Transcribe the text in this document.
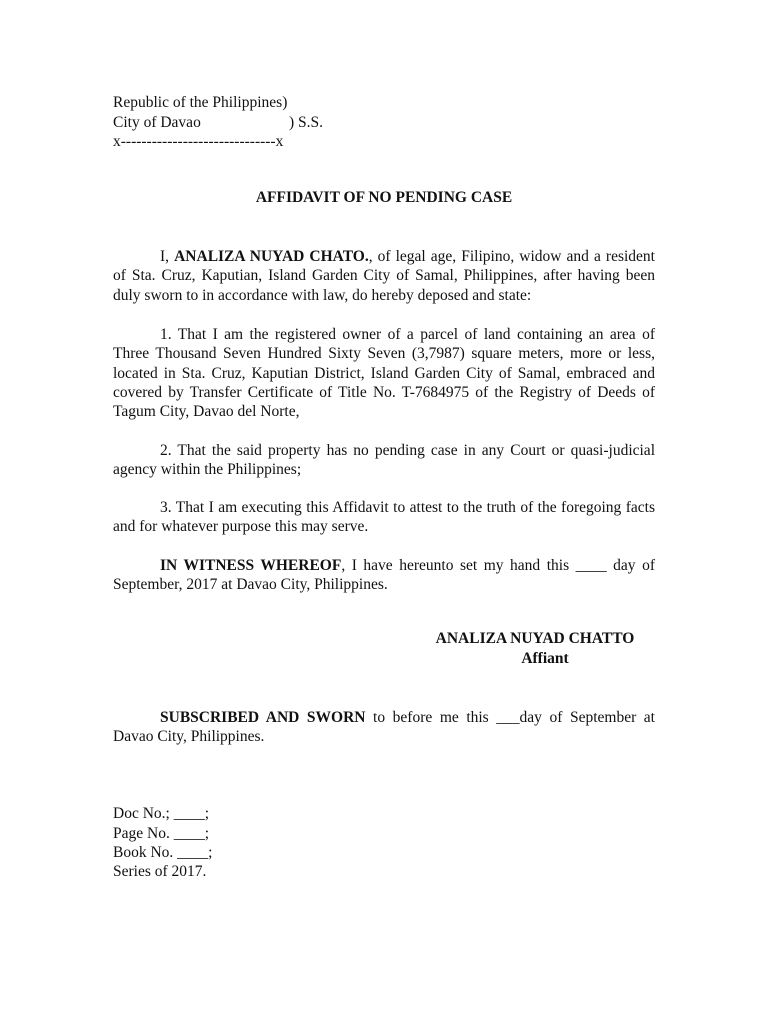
Republic of the Philippines)
City of Davao	) S.S.
x------------------------------x
AFFIDAVIT OF NO PENDING CASE
I, ANALIZA NUYAD CHATO., of legal age, Filipino, widow and a resident of Sta. Cruz, Kaputian, Island Garden City of Samal, Philippines, after having been duly sworn to in accordance with law, do hereby deposed and state:
1. That I am the registered owner of a parcel of land containing an area of Three Thousand Seven Hundred Sixty Seven (3,7987) square meters, more or less, located in Sta. Cruz, Kaputian District, Island Garden City of Samal, embraced and covered by Transfer Certificate of Title No. T-7684975 of the Registry of Deeds of Tagum City, Davao del Norte,
2. That the said property has no pending case in any Court or quasi-judicial agency within the Philippines;
3. That I am executing this Affidavit to attest to the truth of the foregoing facts and for whatever purpose this may serve.
IN WITNESS WHEREOF, I have hereunto set my hand this ____ day of September, 2017 at Davao City, Philippines.
ANALIZA NUYAD CHATTO
Affiant
SUBSCRIBED AND SWORN to before me this ___day of September at Davao City, Philippines.
Doc No.; ____;
Page No. ____;
Book No. ____;
Series of 2017.
